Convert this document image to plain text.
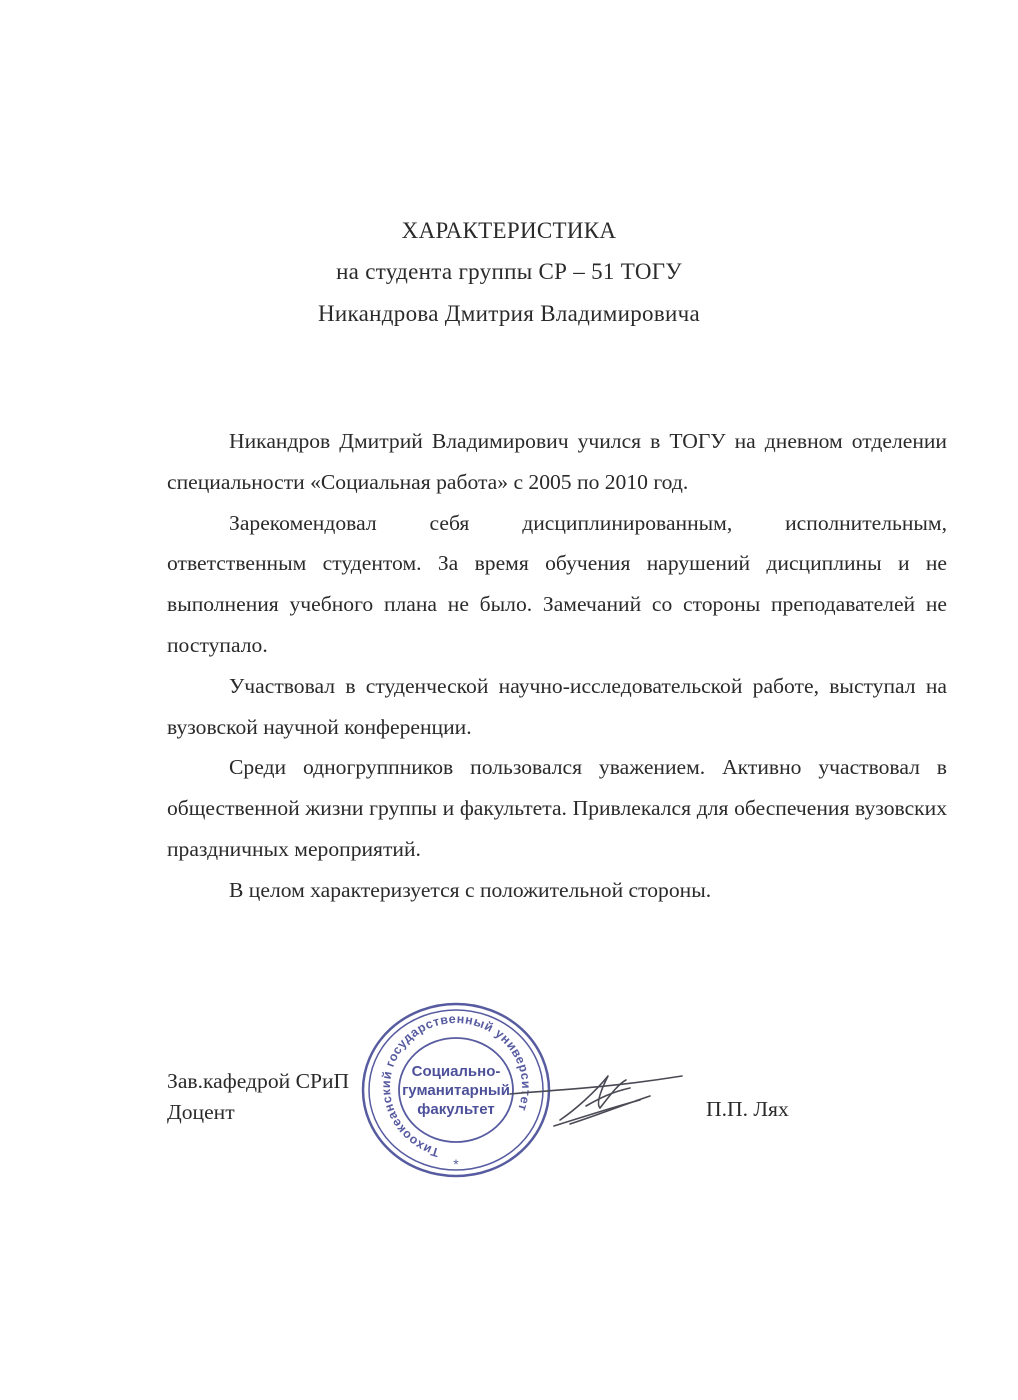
ХАРАКТЕРИСТИКА
на студента группы СР – 51 ТОГУ
Никандрова Дмитрия Владимировича

Никандров Дмитрий Владимирович учился в ТОГУ на дневном отделении специальности «Социальная работа» с 2005 по 2010 год.

Зарекомендовал себя дисциплинированным, исполнительным, ответственным студентом. За время обучения нарушений дисциплины и не выполнения учебного плана не было. Замечаний со стороны преподавателей не поступало.

Участвовал в студенческой научно-исследовательской работе, выступал на вузовской научной конференции.

Среди одногруппников пользовался уважением. Активно участвовал в общественной жизни группы и факультета. Привлекался для обеспечения вузовских праздничных мероприятий.

В целом характеризуется с положительной стороны.

Зав.кафедрой СРиП
Доцент
Тихоокеанский государственный университет
Социально-
гуманитарный
факультет
*
П.П. Лях
